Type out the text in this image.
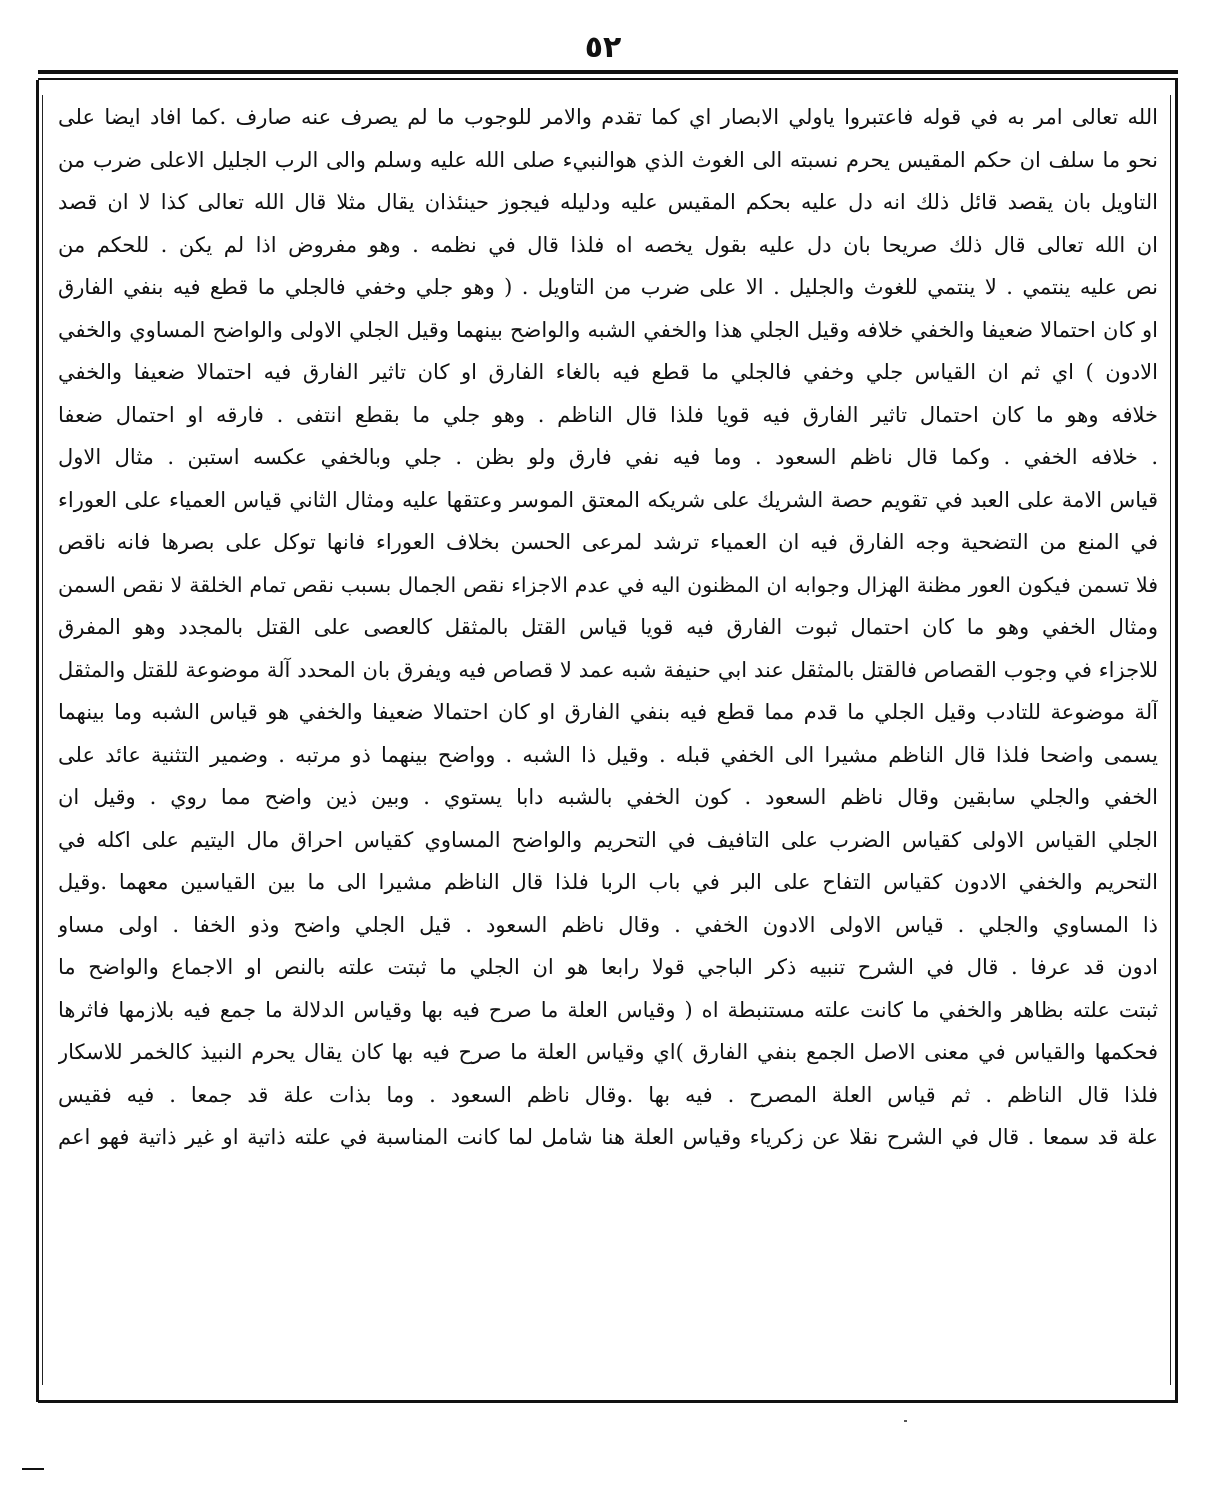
٥٢
الله تعالى امر به في قوله فاعتبروا ياولي الابصار اي كما تقدم والامر للوجوب ما لم يصرف عنه صارف .كما افاد ايضا على
نحو ما سلف ان حكم المقيس يحرم نسبته الى الغوث الذي هوالنبيء صلى الله عليه وسلم والى الرب الجليل الاعلى ضرب من
التاويل بان يقصد قائل ذلك انه دل عليه بحكم المقيس عليه ودليله فيجوز حينئذان يقال مثلا قال الله تعالى كذا لا ان قصد
ان الله تعالى قال ذلك صريحا بان دل عليه بقول يخصه اه فلذا قال في نظمه . وهو مفروض اذا لم يكن . للحكم من
نص عليه ينتمي . لا ينتمي للغوث والجليل . الا على ضرب من التاويل . ( وهو جلي وخفي فالجلي ما قطع فيه بنفي الفارق
او كان احتمالا ضعيفا والخفي خلافه وقيل الجلي هذا والخفي الشبه والواضح بينهما وقيل الجلي الاولى والواضح المساوي والخفي
الادون ) اي ثم ان القياس جلي وخفي فالجلي ما قطع فيه بالغاء الفارق او كان تاثير الفارق فيه احتمالا ضعيفا والخفي
خلافه وهو ما كان احتمال تاثير الفارق فيه قويا فلذا قال الناظم . وهو جلي ما بقطع انتفى . فارقه او احتمال ضعفا
. خلافه الخفي . وكما قال ناظم السعود . وما فيه نفي فارق ولو بظن . جلي وبالخفي عكسه استبن . مثال الاول
قياس الامة على العبد في تقويم حصة الشريك على شريكه المعتق الموسر وعتقها عليه ومثال الثاني قياس العمياء على العوراء
في المنع من التضحية وجه الفارق فيه ان العمياء ترشد لمرعى الحسن بخلاف العوراء فانها توكل على بصرها فانه ناقص
فلا تسمن فيكون العور مظنة الهزال وجوابه ان المظنون اليه في عدم الاجزاء نقص الجمال بسبب نقص تمام الخلقة لا نقص السمن
ومثال الخفي وهو ما كان احتمال ثبوت الفارق فيه قويا قياس القتل بالمثقل كالعصى على القتل بالمجدد وهو المفرق
للاجزاء في وجوب القصاص فالقتل بالمثقل عند ابي حنيفة شبه عمد لا قصاص فيه ويفرق بان المحدد آلة موضوعة للقتل والمثقل
آلة موضوعة للتادب وقيل الجلي ما قدم مما قطع فيه بنفي الفارق او كان احتمالا ضعيفا والخفي هو قياس الشبه وما بينهما
يسمى واضحا فلذا قال الناظم مشيرا الى الخفي قبله . وقيل ذا الشبه . وواضح بينهما ذو مرتبه . وضمير التثنية عائد على
الخفي والجلي سابقين وقال ناظم السعود . كون الخفي بالشبه دابا يستوي . وبين ذين واضح مما روي . وقيل ان
الجلي القياس الاولى كقياس الضرب على التافيف في التحريم والواضح المساوي كقياس احراق مال اليتيم على اكله في
التحريم والخفي الادون كقياس التفاح على البر في باب الربا فلذا قال الناظم مشيرا الى ما بين القياسين معهما .وقيل
ذا المساوي والجلي . قياس الاولى الادون الخفي . وقال ناظم السعود . قيل الجلي واضح وذو الخفا . اولى مساو
ادون قد عرفا . قال في الشرح تنبيه ذكر الباجي قولا رابعا هو ان الجلي ما ثبتت علته بالنص او الاجماع والواضح ما
ثبتت علته بظاهر والخفي ما كانت علته مستنبطة اه ( وقياس العلة ما صرح فيه بها وقياس الدلالة ما جمع فيه بلازمها فاثرها
فحكمها والقياس في معنى الاصل الجمع بنفي الفارق )اي وقياس العلة ما صرح فيه بها كان يقال يحرم النبيذ كالخمر للاسكار
فلذا قال الناظم . ثم قياس العلة المصرح . فيه بها .وقال ناظم السعود . وما بذات علة قد جمعا . فيه فقيس
علة قد سمعا . قال في الشرح نقلا عن زكرياء وقياس العلة هنا شامل لما كانت المناسبة في علته ذاتية او غير ذاتية فهو اعم
